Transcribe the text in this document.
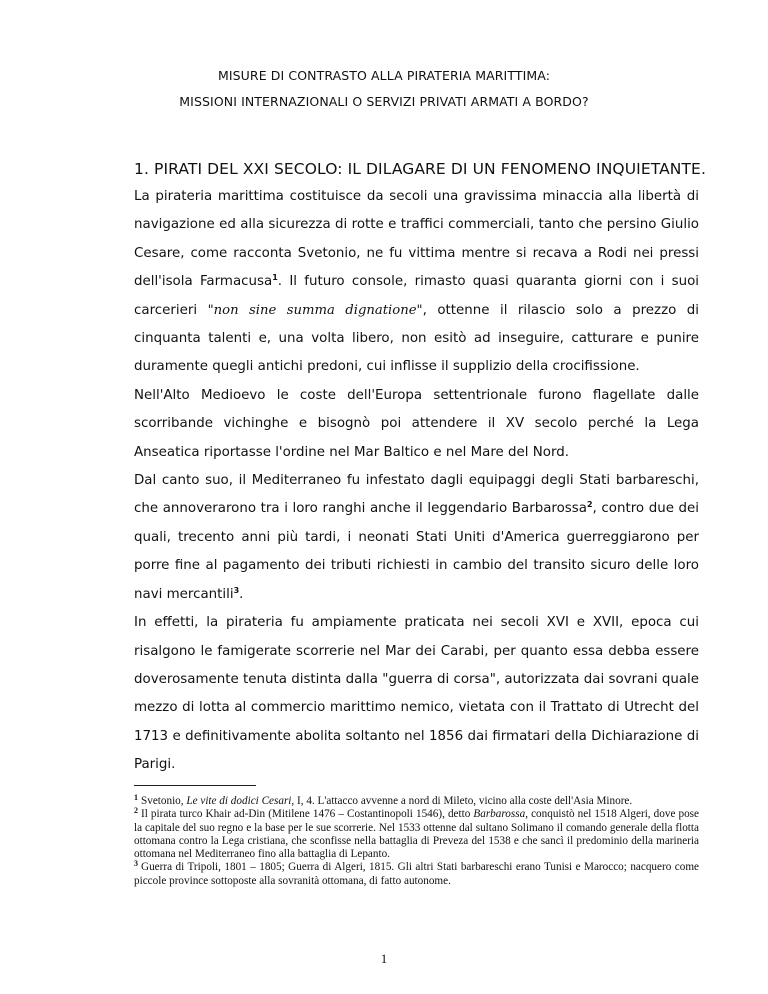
MISURE DI CONTRASTO ALLA PIRATERIA MARITTIMA:
MISSIONI INTERNAZIONALI O SERVIZI PRIVATI ARMATI A BORDO?
1. PIRATI DEL XXI SECOLO: IL DILAGARE DI UN FENOMENO INQUIETANTE.

La pirateria marittima costituisce da secoli una gravissima minaccia alla libertà di navigazione ed alla sicurezza di rotte e traffici commerciali, tanto che persino Giulio Cesare, come racconta Svetonio, ne fu vittima mentre si recava a Rodi nei pressi dell'isola Farmacusa$^1$. Il futuro console, rimasto quasi quaranta giorni con i suoi carcerieri "non sine summa dignatione", ottenne il rilascio solo a prezzo di cinquanta talenti e, una volta libero, non esitò ad inseguire, catturare e punire duramente quegli antichi predoni, cui inflisse il supplizio della crocifissione.

Nell'Alto Medioevo le coste dell'Europa settentrionale furono flagellate dalle scorribande vichinghe e bisognò poi attendere il XV secolo perché la Lega Anseatica riportasse l'ordine nel Mar Baltico e nel Mare del Nord.

Dal canto suo, il Mediterraneo fu infestato dagli equipaggi degli Stati barbareschi, che annoverarono tra i loro ranghi anche il leggendario Barbarossa$^2$, contro due dei quali, trecento anni più tardi, i neonati Stati Uniti d'America guerreggiarono per porre fine al pagamento dei tributi richiesti in cambio del transito sicuro delle loro navi mercantili$^3$.

In effetti, la pirateria fu ampiamente praticata nei secoli XVI e XVII, epoca cui risalgono le famigerate scorrerie nel Mar dei Carabi, per quanto essa debba essere doverosamente tenuta distinta dalla "guerra di corsa", autorizzata dai sovrani quale mezzo di lotta al commercio marittimo nemico, vietata con il Trattato di Utrecht del 1713 e definitivamente abolita soltanto nel 1856 dai firmatari della Dichiarazione di Parigi.

$^1$ Svetonio, Le vite di dodici Cesari, I, 4. L'attacco avvenne a nord di Mileto, vicino alla coste dell'Asia Minore.

$^2$ Il pirata turco Khair ad-Din (Mitilene 1476 – Costantinopoli 1546), detto Barbarossa, conquistò nel 1518 Algeri, dove pose la capitale del suo regno e la base per le sue scorrerie. Nel 1533 ottenne dal sultano Solimano il comando generale della flotta ottomana contro la Lega cristiana, che sconfisse nella battaglia di Preveza del 1538 e che sancì il predominio della marineria ottomana nel Mediterraneo fino alla battaglia di Lepanto.

$^3$ Guerra di Tripoli, 1801 – 1805; Guerra di Algeri, 1815. Gli altri Stati barbareschi erano Tunisi e Marocco; nacquero come piccole province sottoposte alla sovranità ottomana, di fatto autonome.

1
